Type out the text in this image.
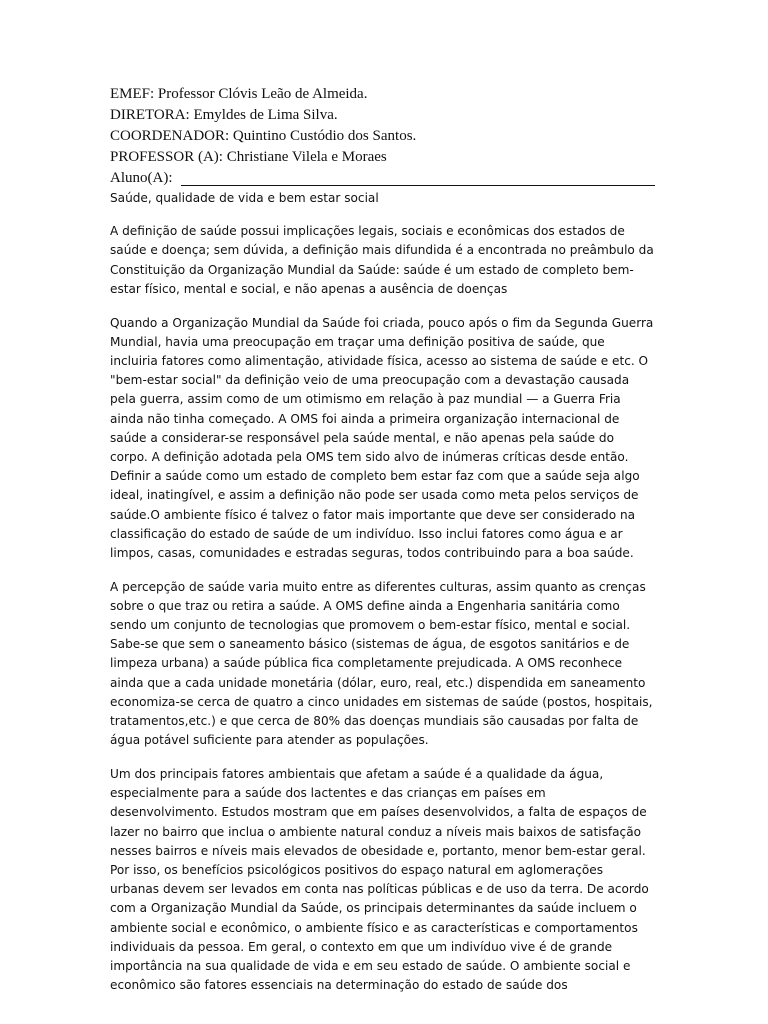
EMEF: Professor Clóvis Leão de Almeida.
DIRETORA: Emyldes de Lima Silva.
COORDENADOR: Quintino Custódio dos Santos.
PROFESSOR (A): Christiane Vilela e Moraes
Aluno(A):

Saúde, qualidade de vida e bem estar social

A definição de saúde possui implicações legais, sociais e econômicas dos estados de saúde e doença; sem dúvida, a definição mais difundida é a encontrada no preâmbulo da Constituição da Organização Mundial da Saúde: saúde é um estado de completo bem-estar físico, mental e social, e não apenas a ausência de doenças

Quando a Organização Mundial da Saúde foi criada, pouco após o fim da Segunda Guerra Mundial, havia uma preocupação em traçar uma definição positiva de saúde, que incluiria fatores como alimentação, atividade física, acesso ao sistema de saúde e etc. O "bem-estar social" da definição veio de uma preocupação com a devastação causada pela guerra, assim como de um otimismo em relação à paz mundial — a Guerra Fria ainda não tinha começado. A OMS foi ainda a primeira organização internacional de saúde a considerar-se responsável pela saúde mental, e não apenas pela saúde do corpo. A definição adotada pela OMS tem sido alvo de inúmeras críticas desde então. Definir a saúde como um estado de completo bem estar faz com que a saúde seja algo ideal, inatingível, e assim a definição não pode ser usada como meta pelos serviços de saúde.O ambiente físico é talvez o fator mais importante que deve ser considerado na classificação do estado de saúde de um indivíduo. Isso inclui fatores como água e ar limpos, casas, comunidades e estradas seguras, todos contribuindo para a boa saúde.

A percepção de saúde varia muito entre as diferentes culturas, assim quanto as crenças sobre o que traz ou retira a saúde. A OMS define ainda a Engenharia sanitária como sendo um conjunto de tecnologias que promovem o bem-estar físico, mental e social. Sabe-se que sem o saneamento básico (sistemas de água, de esgotos sanitários e de limpeza urbana) a saúde pública fica completamente prejudicada. A OMS reconhece ainda que a cada unidade monetária (dólar, euro, real, etc.) dispendida em saneamento economiza-se cerca de quatro a cinco unidades em sistemas de saúde (postos, hospitais, tratamentos,etc.) e que cerca de 80% das doenças mundiais são causadas por falta de água potável suficiente para atender as populações.

Um dos principais fatores ambientais que afetam a saúde é a qualidade da água, especialmente para a saúde dos lactentes e das crianças em países em desenvolvimento. Estudos mostram que em países desenvolvidos, a falta de espaços de lazer no bairro que inclua o ambiente natural conduz a níveis mais baixos de satisfação nesses bairros e níveis mais elevados de obesidade e, portanto, menor bem-estar geral. Por isso, os benefícios psicológicos positivos do espaço natural em aglomerações urbanas devem ser levados em conta nas políticas públicas e de uso da terra. De acordo com a Organização Mundial da Saúde, os principais determinantes da saúde incluem o ambiente social e econômico, o ambiente físico e as características e comportamentos individuais da pessoa. Em geral, o contexto em que um indivíduo vive é de grande importância na sua qualidade de vida e em seu estado de saúde. O ambiente social e econômico são fatores essenciais na determinação do estado de saúde dos
